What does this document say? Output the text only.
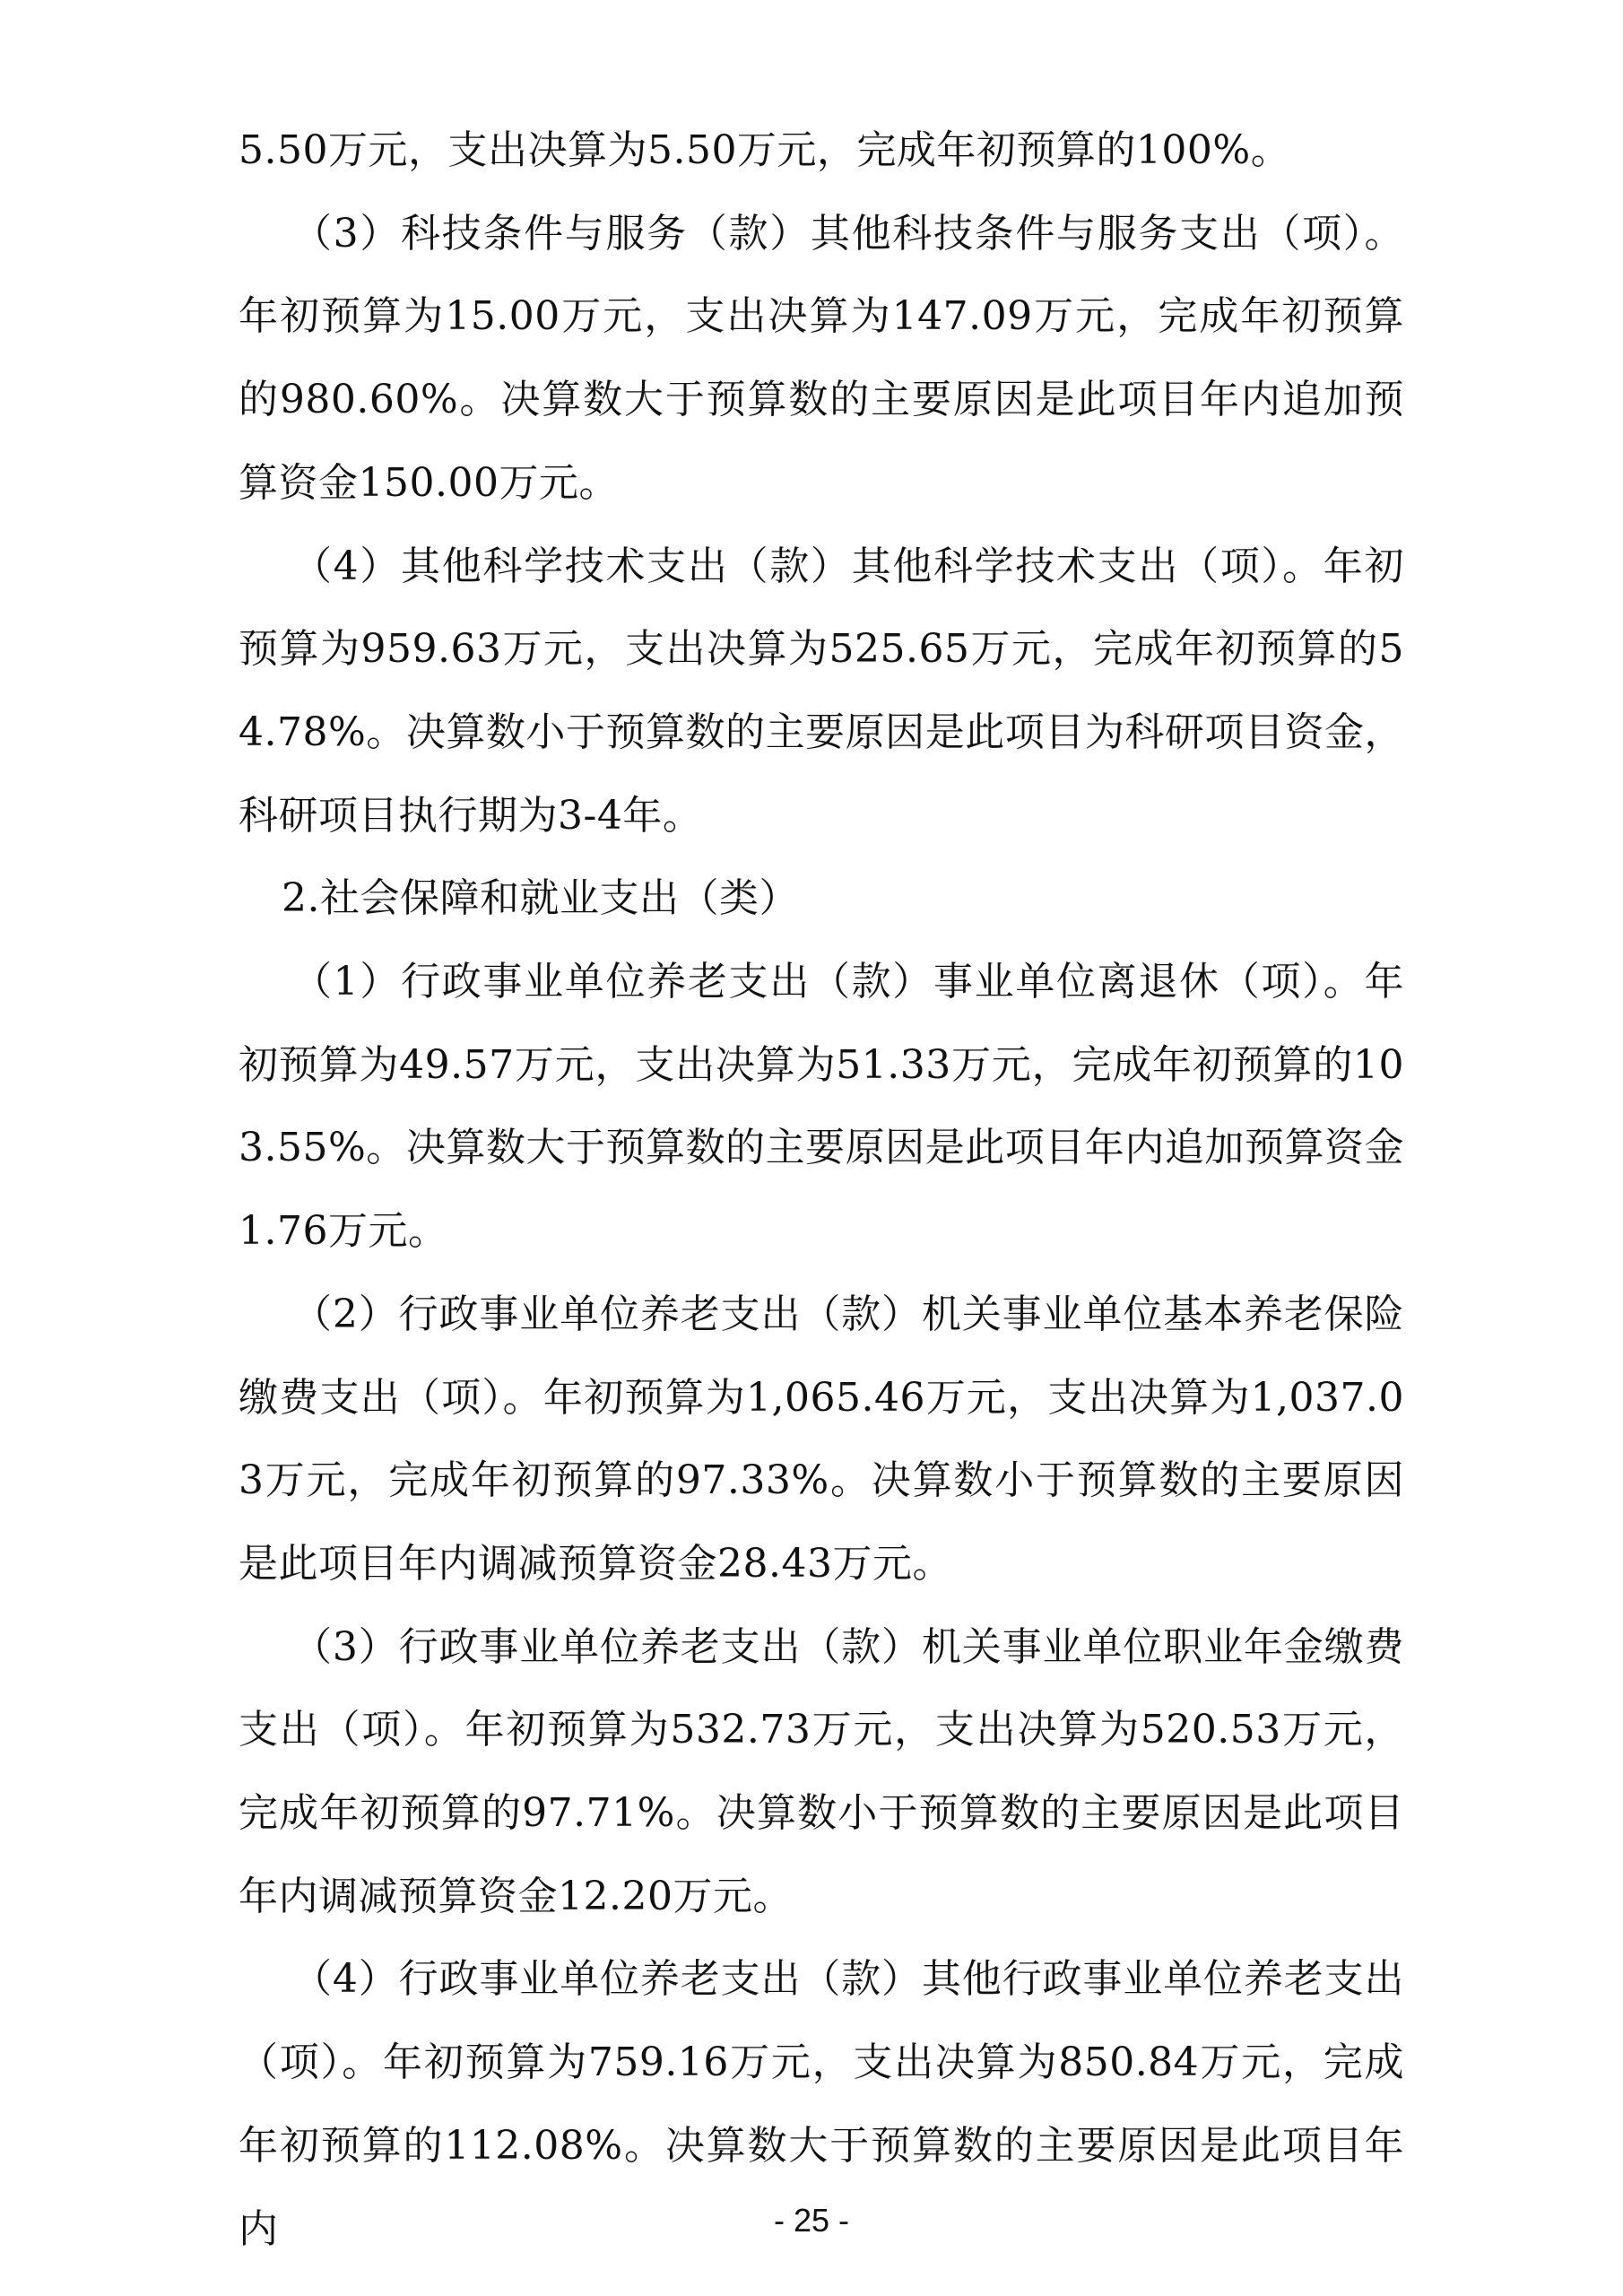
5.50万元，支出决算为5.50万元，完成年初预算的100%。

（3）科技条件与服务（款）其他科技条件与服务支出（项）。年初预算为15.00万元，支出决算为147.09万元，完成年初预算的980.60%。决算数大于预算数的主要原因是此项目年内追加预算资金150.00万元。

（4）其他科学技术支出（款）其他科学技术支出（项）。年初预算为959.63万元，支出决算为525.65万元，完成年初预算的54.78%。决算数小于预算数的主要原因是此项目为科研项目资金，科研项目执行期为3-4年。

2.社会保障和就业支出（类）

（1）行政事业单位养老支出（款）事业单位离退休（项）。年初预算为49.57万元，支出决算为51.33万元，完成年初预算的103.55%。决算数大于预算数的主要原因是此项目年内追加预算资金1.76万元。

（2）行政事业单位养老支出（款）机关事业单位基本养老保险缴费支出（项）。年初预算为1,065.46万元，支出决算为1,037.03万元，完成年初预算的97.33%。决算数小于预算数的主要原因是此项目年内调减预算资金28.43万元。

（3）行政事业单位养老支出（款）机关事业单位职业年金缴费支出（项）。年初预算为532.73万元，支出决算为520.53万元，完成年初预算的97.71%。决算数小于预算数的主要原因是此项目年内调减预算资金12.20万元。

（4）行政事业单位养老支出（款）其他行政事业单位养老支出（项）。年初预算为759.16万元，支出决算为850.84万元，完成年初预算的112.08%。决算数大于预算数的主要原因是此项目年内	- 25 -
